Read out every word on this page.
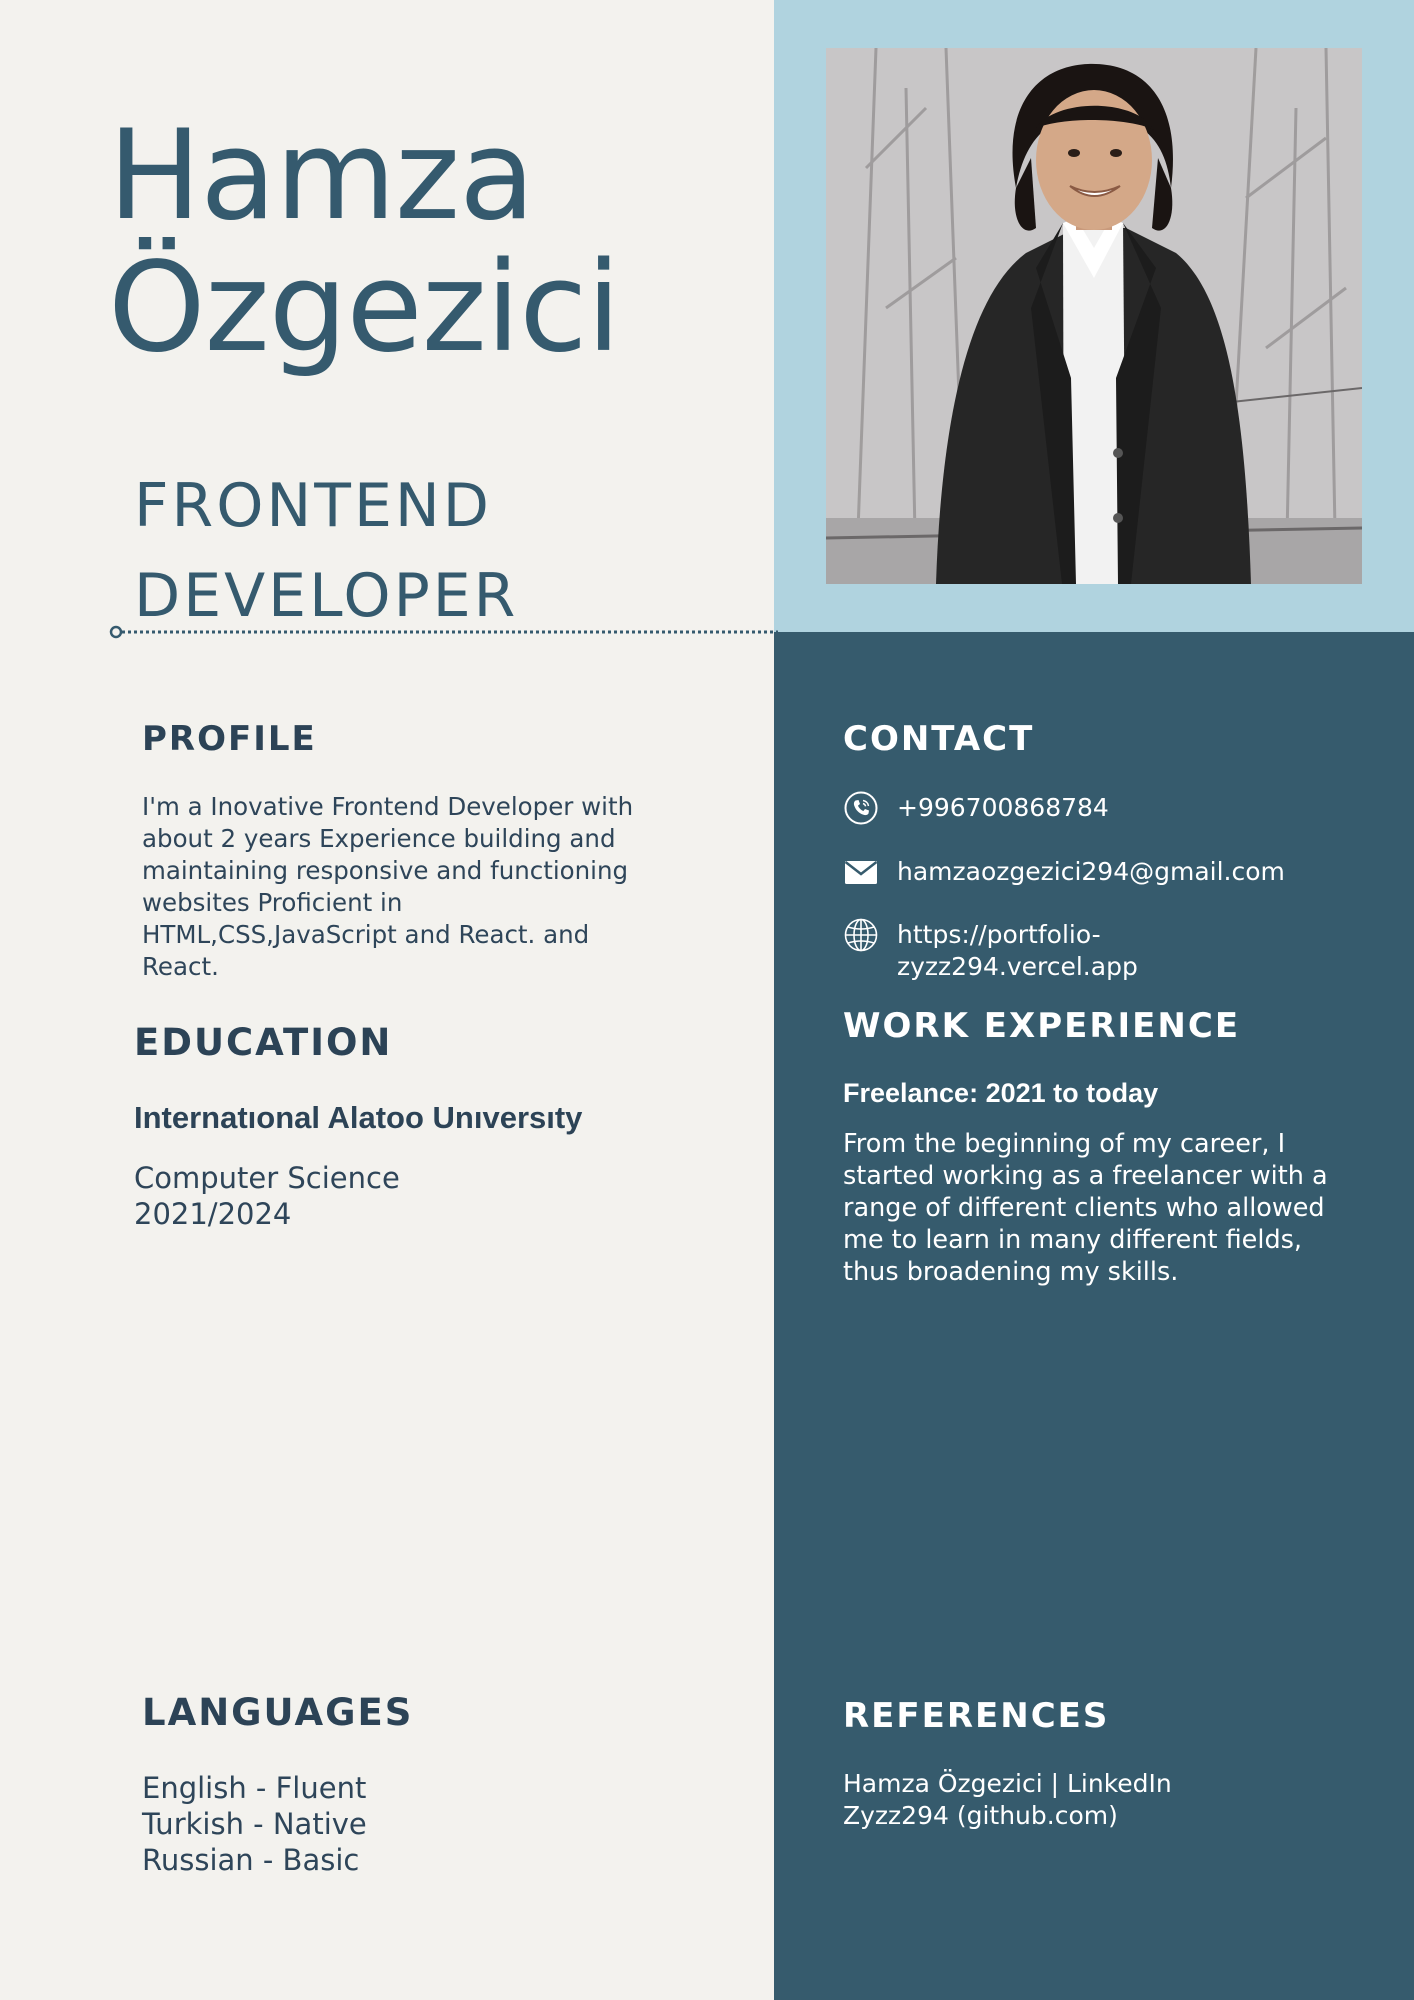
Hamza
Özgezici
FRONTEND
DEVELOPER
PROFILE
I'm a Inovative Frontend Developer with about 2 years Experience building and maintaining responsive and functioning websites Proficient in HTML,CSS,JavaScript and React. and React.
EDUCATION
Internatıonal Alatoo Unıversıty
Computer Science
2021/2024
LANGUAGES
English - Fluent
Turkish - Native
Russian - Basic
CONTACT
+996700868784
hamzaozgezici294@gmail.com
https://portfolio-zyzz294.vercel.app
WORK EXPERIENCE
Freelance: 2021 to today
From the beginning of my career, I started working as a freelancer with a range of different clients who allowed me to learn in many different fields, thus broadening my skills.
REFERENCES
Hamza Özgezici | LinkedIn
Zyzz294 (github.com)
